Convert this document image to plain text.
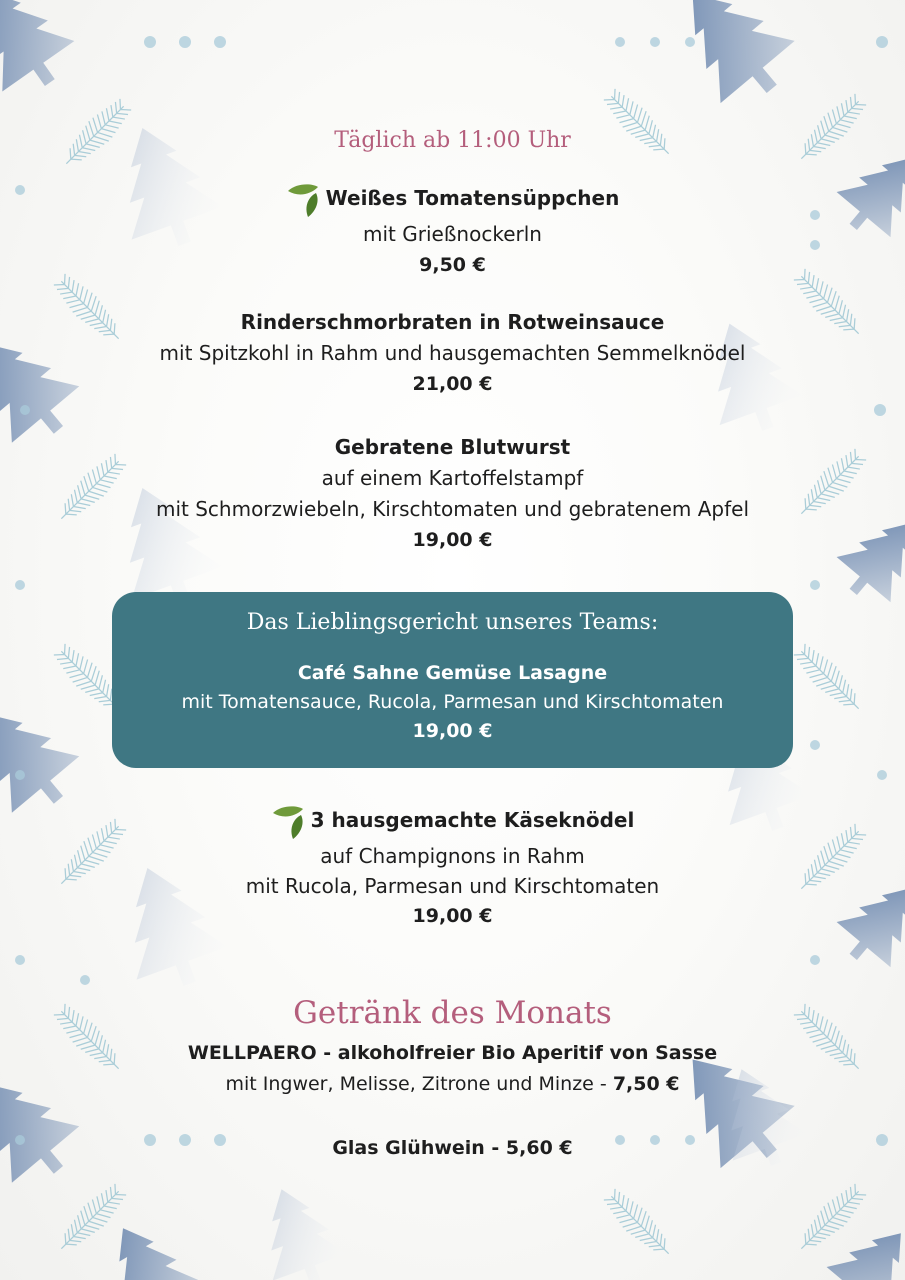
Täglich ab 11:00 Uhr
Weißes Tomatensüppchen
mit Grießnockerln
9,50 €
Rinderschmorbraten in Rotweinsauce
mit Spitzkohl in Rahm und hausgemachten Semmelknödel
21,00 €
Gebratene Blutwurst
auf einem Kartoffelstampf
mit Schmorzwiebeln, Kirschtomaten und gebratenem Apfel
19,00 €
Das Lieblingsgericht unseres Teams:
Café Sahne Gemüse Lasagne
mit Tomatensauce, Rucola, Parmesan und Kirschtomaten
19,00 €
3 hausgemachte Käseknödel
auf Champignons in Rahm
mit Rucola, Parmesan und Kirschtomaten
19,00 €
Getränk des Monats
WELLPAERO - alkoholfreier Bio Aperitif von Sasse
mit Ingwer, Melisse, Zitrone und Minze - 7,50 €
Glas Glühwein - 5,60 €
